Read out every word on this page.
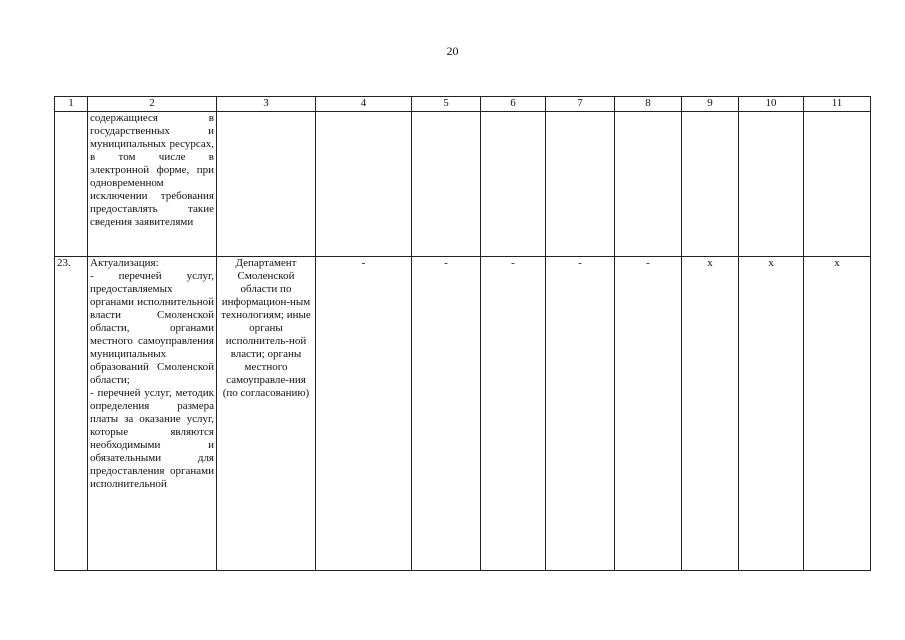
20
1	2	3	4	5	6	7	8	9	10	11
	содержащиеся в государственных и муниципальных ресурсах, в том числе в электронной форме, при одновременном исключении требования предоставлять такие сведения заявителями									
23.	Актуализация:
- перечней услуг, предоставляемых органами исполнительной власти Смоленской области, органами местного самоуправления муниципальных образований Смоленской области;
- перечней услуг, методик определения размера платы за оказание услуг, которые являются необходимыми и обязательными для предоставления органами исполнительной	Департамент Смоленской области по информацион-ным технологиям; иные органы исполнитель-ной власти; органы местного самоуправле-ния (по согласованию)	-	-	-	-	-	х	х	х
